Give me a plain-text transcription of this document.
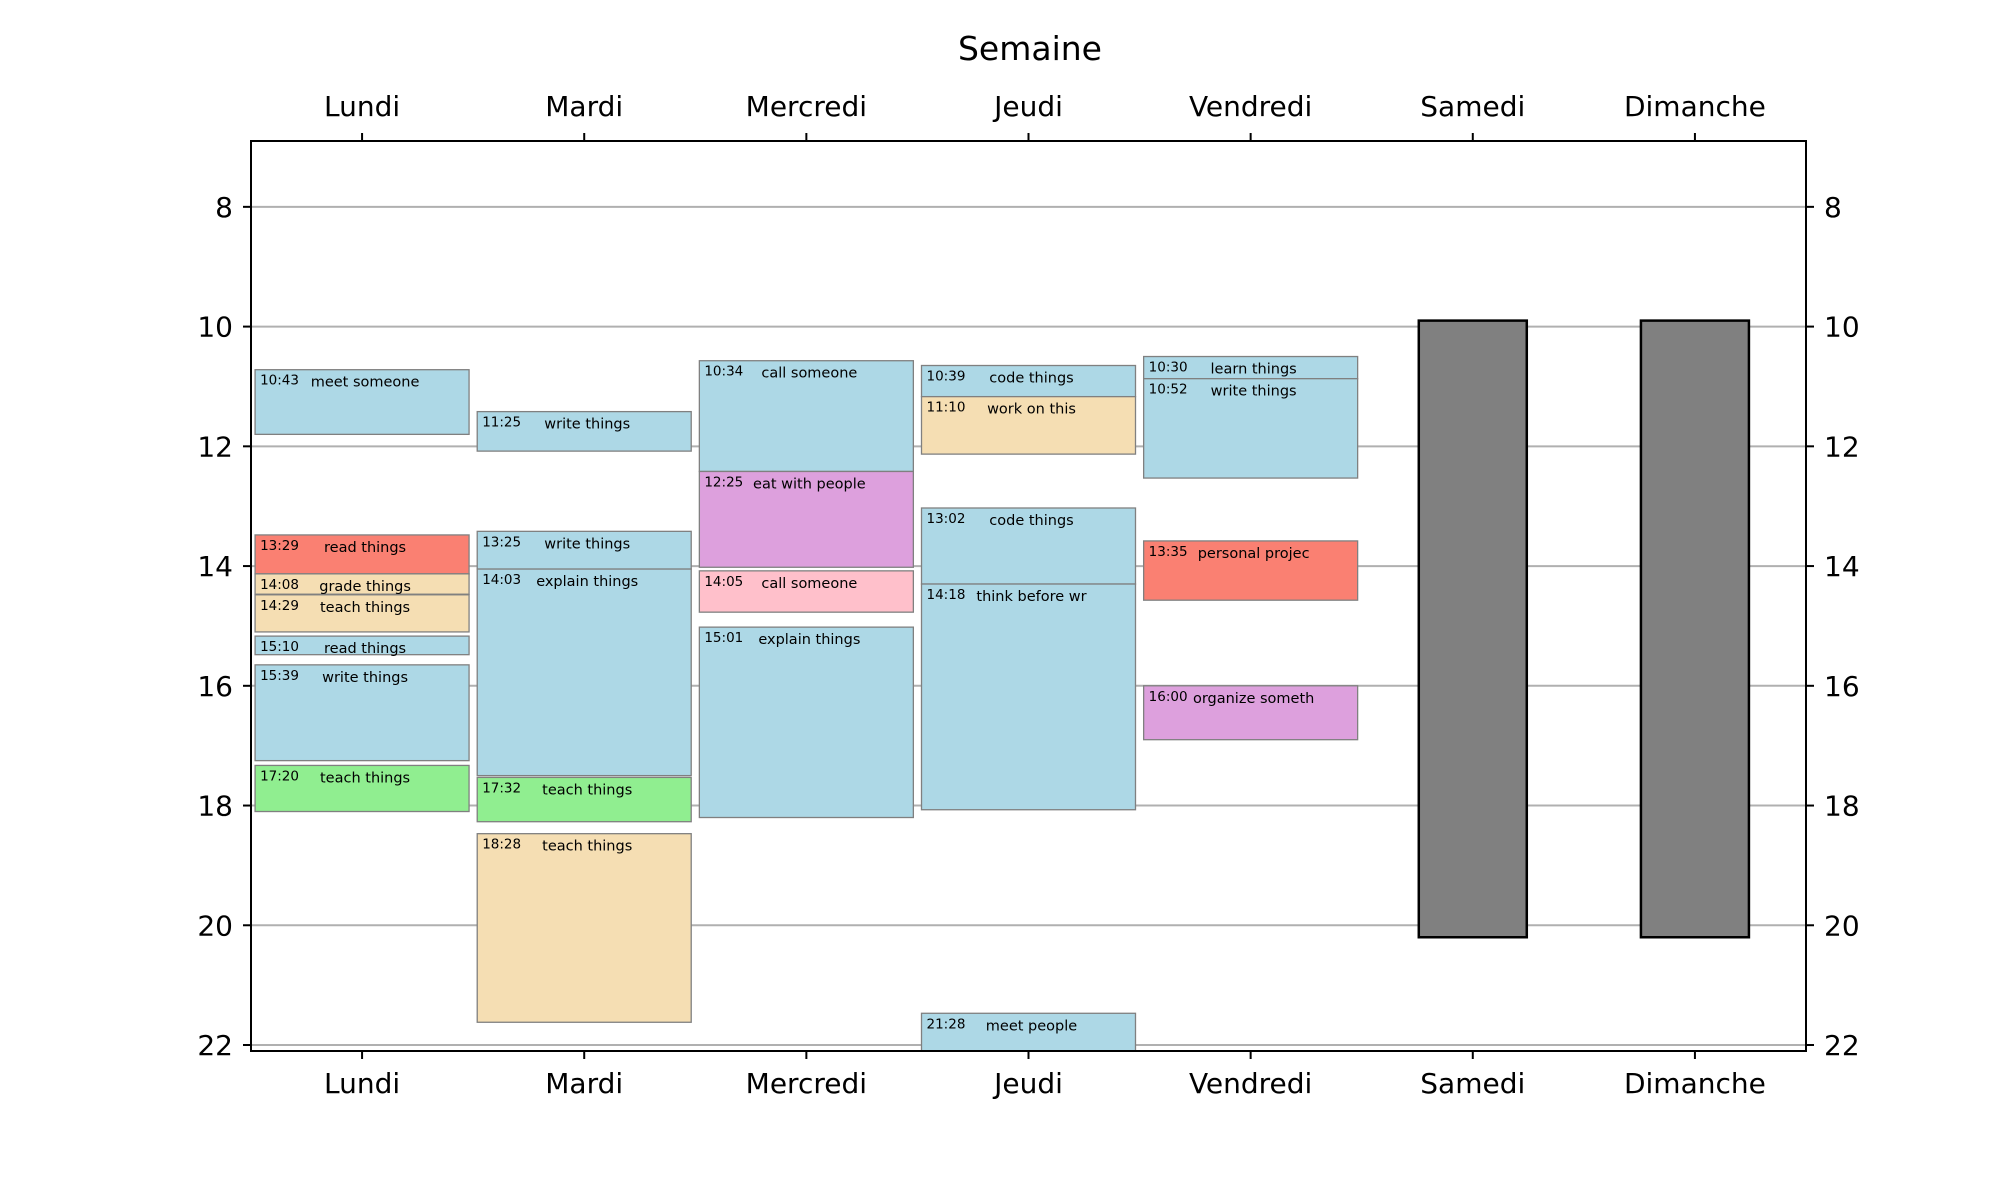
Semaine
10:43 meet someone
13:29 read things
14:08 grade things
14:29 teach things
15:10 read things
15:39 write things
17:20 teach things
11:25 write things
13:25 write things
14:03 explain things
17:32 teach things
18:28 teach things
10:34 call someone
12:25 eat with people
14:05 call someone
15:01 explain things
10:39 code things
11:10 work on this
13:02 code things
14:18 think before wr
21:28 meet people
10:30 learn things
10:52 write things
13:35 personal projec
16:00 organize someth
8	8
10	10
12	12
14	14
16	16
18	18
20	20
22	22
Lundi
Lundi
Mardi
Mardi
Mercredi
Mercredi
Jeudi
Jeudi
Vendredi
Vendredi
Samedi
Samedi
Dimanche
Dimanche
